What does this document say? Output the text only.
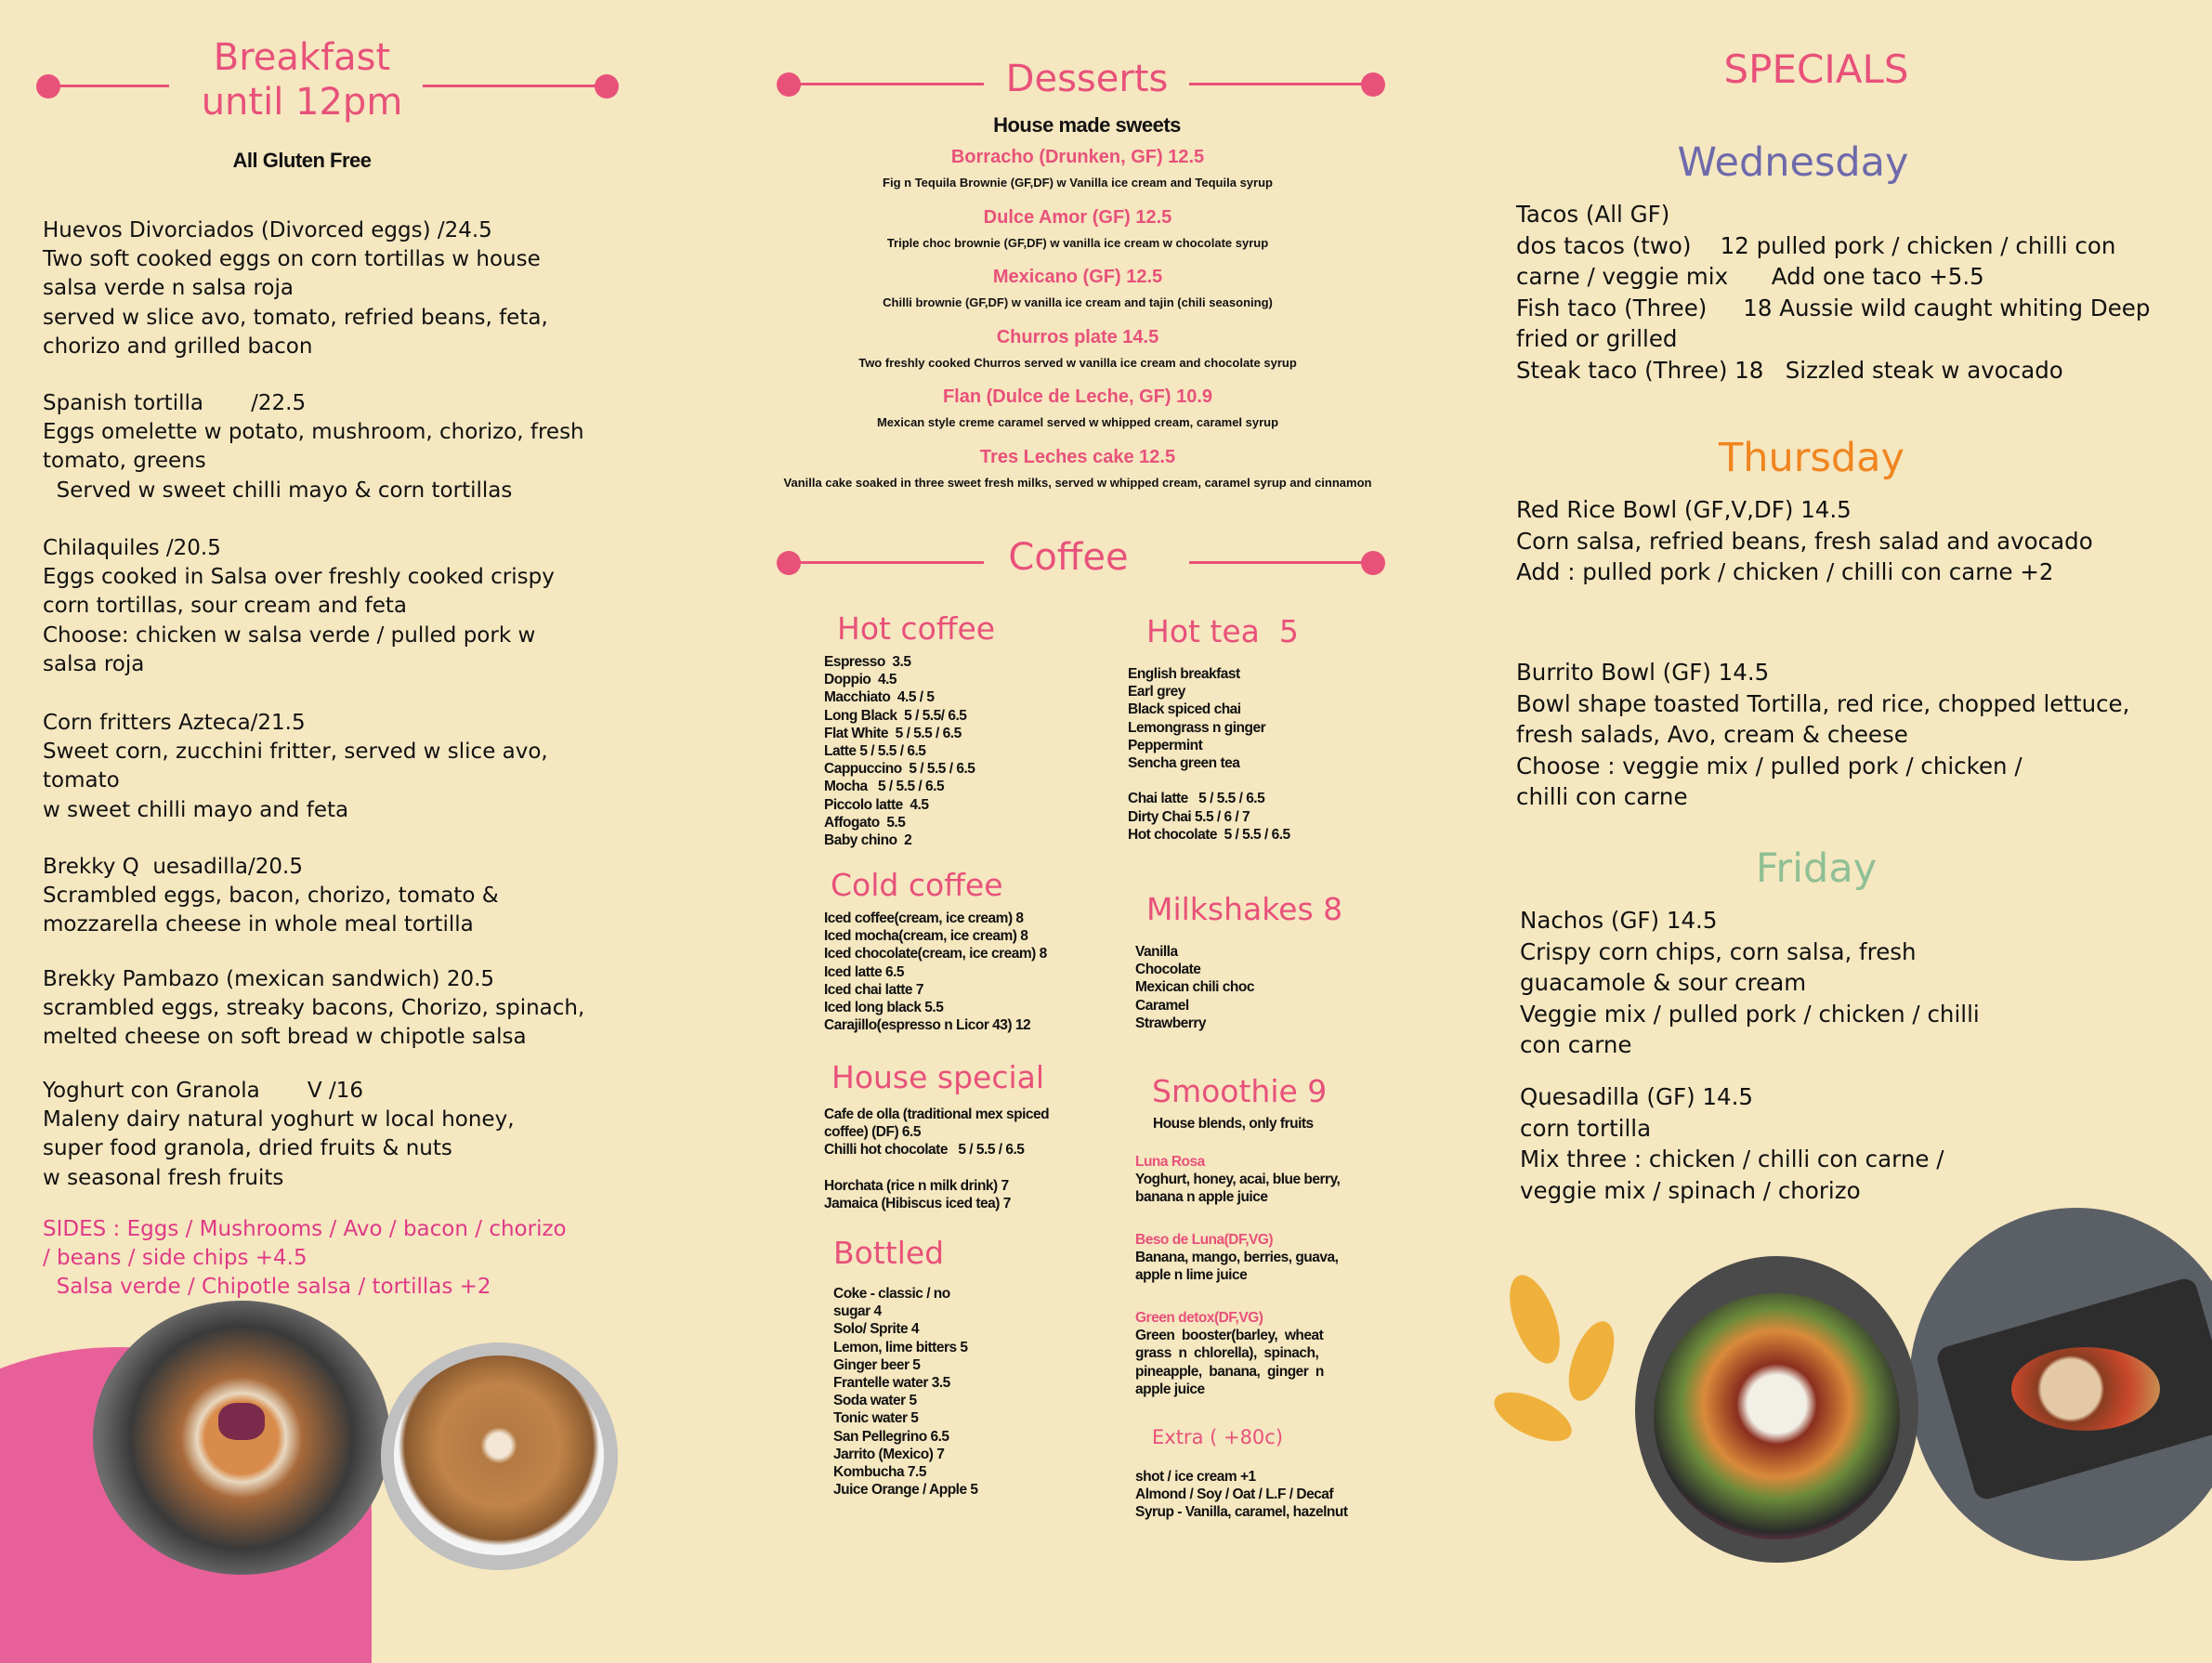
Breakfast
until 12pm
All Gluten Free
Huevos Divorciados (Divorced eggs) /24.5
Two soft cooked eggs on corn tortillas w house
salsa verde n salsa roja
served w slice avo, tomato, refried beans, feta,
chorizo and grilled bacon
Spanish tortilla       /22.5
Eggs omelette w potato, mushroom, chorizo, fresh
tomato, greens
Served w sweet chilli mayo & corn tortillas
Chilaquiles /20.5
Eggs cooked in Salsa over freshly cooked crispy
corn tortillas, sour cream and feta
Choose: chicken w salsa verde / pulled pork w
salsa roja
Corn fritters Azteca/21.5
Sweet corn, zucchini fritter, served w slice avo,
tomato
w sweet chilli mayo and feta
Brekky Q  uesadilla/20.5
Scrambled eggs, bacon, chorizo, tomato &
mozzarella cheese in whole meal tortilla
Brekky Pambazo (mexican sandwich) 20.5
scrambled eggs, streaky bacons, Chorizo, spinach,
melted cheese on soft bread w chipotle salsa
Yoghurt con Granola       V /16
Maleny dairy natural yoghurt w local honey,
super food granola, dried fruits & nuts
w seasonal fresh fruits
SIDES : Eggs / Mushrooms / Avo / bacon / chorizo
/ beans / side chips +4.5
Salsa verde / Chipotle salsa / tortillas +2
Desserts
House made sweets
Borracho (Drunken, GF) 12.5
Fig n Tequila Brownie (GF,DF) w Vanilla ice cream and Tequila syrup
Dulce Amor (GF) 12.5
Triple choc brownie (GF,DF) w vanilla ice cream w chocolate syrup
Mexicano (GF) 12.5
Chilli brownie (GF,DF) w vanilla ice cream and tajin (chili seasoning)
Churros plate 14.5
Two freshly cooked Churros served w vanilla ice cream and chocolate syrup
Flan (Dulce de Leche, GF) 10.9
Mexican style creme caramel served w whipped cream, caramel syrup
Tres Leches cake 12.5
Vanilla cake soaked in three sweet fresh milks, served w whipped cream, caramel syrup and cinnamon
Coffee
Hot coffee
Espresso  3.5
Doppio  4.5
Macchiato  4.5 / 5
Long Black  5 / 5.5/ 6.5
Flat White  5 / 5.5 / 6.5
Latte 5 / 5.5 / 6.5
Cappuccino  5 / 5.5 / 6.5
Mocha   5 / 5.5 / 6.5
Piccolo latte  4.5
Affogato  5.5
Baby chino  2
Hot tea  5
English breakfast
Earl grey
Black spiced chai
Lemongrass n ginger
Peppermint
Sencha green tea

Chai latte   5 / 5.5 / 6.5
Dirty Chai 5.5 / 6 / 7
Hot chocolate  5 / 5.5 / 6.5
Cold coffee
Iced coffee(cream, ice cream) 8
Iced mocha(cream, ice cream) 8
Iced chocolate(cream, ice cream) 8
Iced latte 6.5
Iced chai latte 7
Iced long black 5.5
Carajillo(espresso n Licor 43) 12
Milkshakes 8
Vanilla
Chocolate
Mexican chili choc
Caramel
Strawberry
House special
Cafe de olla (traditional mex spiced
coffee) (DF) 6.5
Chilli hot chocolate   5 / 5.5 / 6.5

Horchata (rice n milk drink) 7
Jamaica (Hibiscus iced tea) 7
Smoothie 9
House blends, only fruits
Luna Rosa
Yoghurt, honey, acai, blue berry,
banana n apple juice
Beso de Luna(DF,VG)
Banana, mango, berries, guava,
apple n lime juice
Green detox(DF,VG)
Green  booster(barley,  wheat
grass  n  chlorella),  spinach,
pineapple,  banana,  ginger  n
apple juice
Bottled
Coke - classic / no
sugar 4
Solo/ Sprite 4
Lemon, lime bitters 5
Ginger beer 5
Frantelle water 3.5
Soda water 5
Tonic water 5
San Pellegrino 6.5
Jarrito (Mexico) 7
Kombucha 7.5
Juice Orange / Apple 5
Extra ( +80c)
shot / ice cream +1
Almond / Soy / Oat / L.F / Decaf
Syrup - Vanilla, caramel, hazelnut
SPECIALS
Wednesday
Tacos (All GF)
dos tacos (two)    12 pulled pork / chicken / chilli con
carne / veggie mix      Add one taco +5.5
Fish taco (Three)     18 Aussie wild caught whiting Deep
fried or grilled
Steak taco (Three) 18   Sizzled steak w avocado
Thursday
Red Rice Bowl (GF,V,DF) 14.5
Corn salsa, refried beans, fresh salad and avocado
Add : pulled pork / chicken / chilli con carne +2
Burrito Bowl (GF) 14.5
Bowl shape toasted Tortilla, red rice, chopped lettuce,
fresh salads, Avo, cream & cheese
Choose : veggie mix / pulled pork / chicken /
chilli con carne
Friday
Nachos (GF) 14.5
Crispy corn chips, corn salsa, fresh
guacamole & sour cream
Veggie mix / pulled pork / chicken / chilli
con carne
Quesadilla (GF) 14.5
corn tortilla
Mix three : chicken / chilli con carne /
veggie mix / spinach / chorizo
